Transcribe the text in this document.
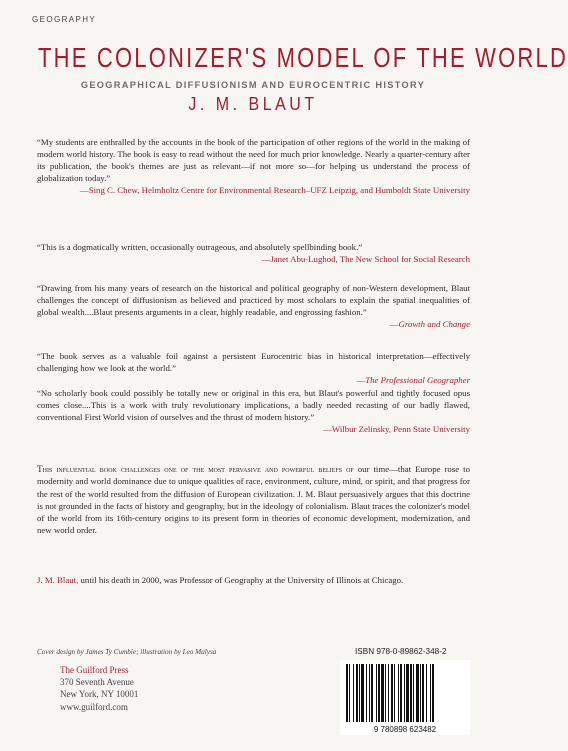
GEOGRAPHY
THE COLONIZER'S MODEL OF THE WORLD
GEOGRAPHICAL DIFFUSIONISM AND EUROCENTRIC HISTORY
J. M. BLAUT
“ My students are enthralled by the accounts in the book of the participation of other regions of the world in the making of modern world history. The book is easy to read without the need for much prior knowledge. Nearly a quarter-century after its publication, the book's themes are just as relevant—if not more so—for helping us understand the process of globalization today. ”
— Sing C. Chew, Helmholtz Centre for Environmental Research–UFZ Leipzig, and Humboldt State University
“ This is a dogmatically written, occasionally outrageous, and absolutely spellbinding book. ”
— Janet Abu-Lughod, The New School for Social Research
“ Drawing from his many years of research on the historical and political geography of non-Western development, Blaut challenges the concept of diffusionism as believed and practiced by most scholars to explain the spatial inequalities of global wealth....Blaut presents arguments in a clear, highly readable, and engrossing fashion. ”
— Growth and Change
“ The book serves as a valuable foil against a persistent Eurocentric bias in historical interpretation—effectively challenging how we look at the world. ”
— The Professional Geographer
“ No scholarly book could possibly be totally new or original in this era, but Blaut's powerful and tightly focused opus comes close....This is a work with truly revolutionary implications, a badly needed recasting of our badly flawed, conventional First World vision of ourselves and the thrust of modern history. ”
— Wilbur Zelinsky, Penn State University
This influential book challenges one of the most pervasive and powerful beliefs of our time—that Europe rose to modernity and world dominance due to unique qualities of race, environment, culture, mind, or spirit, and that progress for the rest of the world resulted from the diffusion of European civilization. J. M. Blaut persuasively argues that this doctrine is not grounded in the facts of history and geography, but in the ideology of colonialism. Blaut traces the colonizer's model of the world from its 16th-century origins to its present form in theories of economic development, modernization, and new world order.
J. M. Blaut, until his death in 2000, was Professor of Geography at the University of Illinois at Chicago.
Cover design by James Ty Cumbie; illustration by Leo Malysa
The Guilford Press
370 Seventh Avenue
New York, NY 10001
www.guilford.com
ISBN 978-0-89862-348-2
9 780898 623482
